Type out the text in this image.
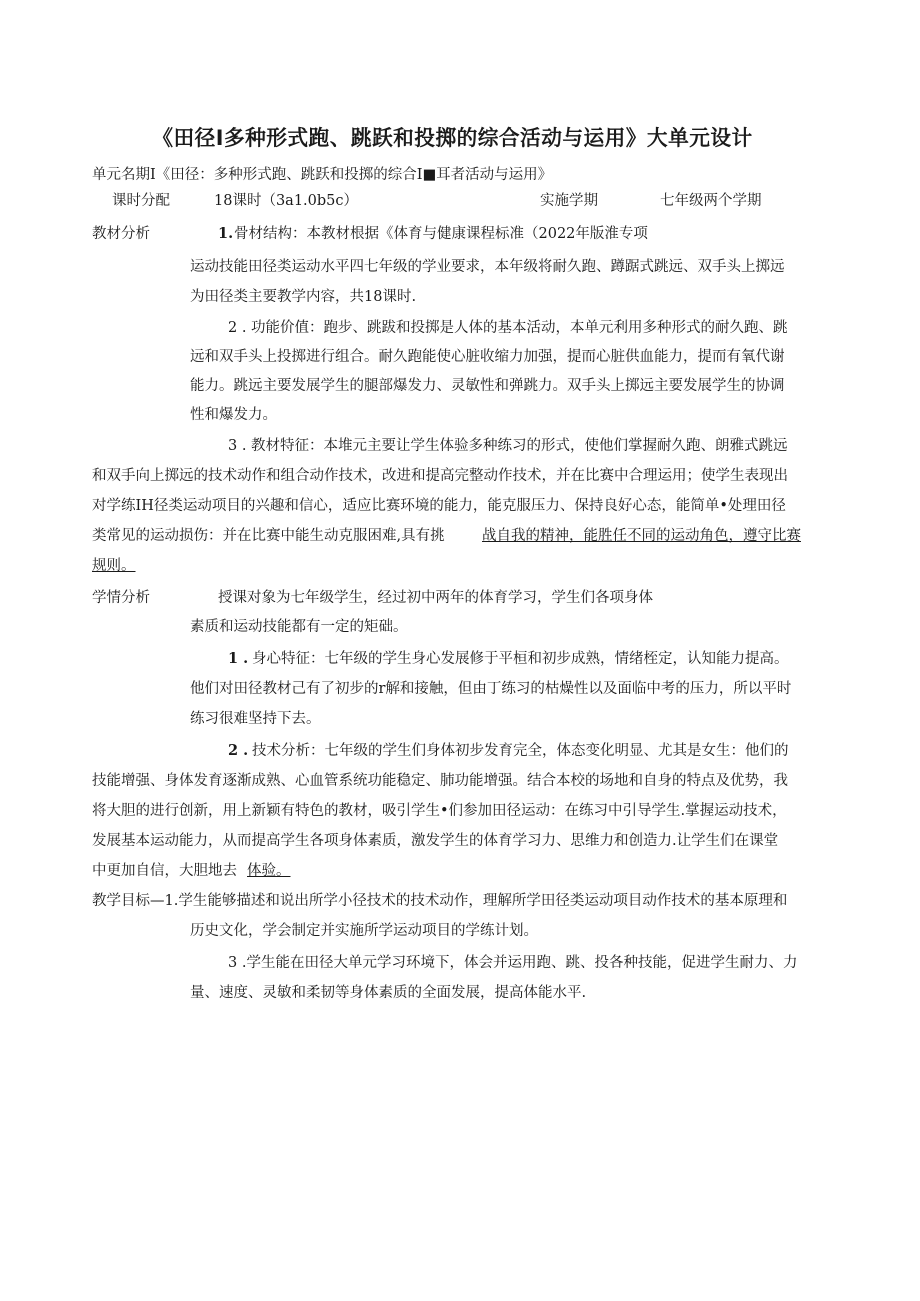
《田径I多种形式跑、跳跃和投掷的综合活动与运用》大单元设计
单元名期I《田径：多种形式跑、跳跃和投掷的综合I■耳者活动与运用》
课时分配	18课时（3a1.0b5c）	实施学期	七年级两个学期
教材分析	1. 骨材结构：本教材根据《体育与健康课程标准（2022年版淮专项
运动技能田径类运动水平四七年级的学业要求，本年级将耐久跑、蹲踞式跳远、双手头上掷远
为田径类主要教学内容，共18课时.
2 . 功能价值：跑步、跳跋和投掷是人体的基本活动，本单元利用多种形式的耐久跑、跳
远和双手头上投掷进行组合。耐久跑能使心脏收缩力加强，提而心脏供血能力，提而有氧代谢
能力。跳远主要发展学生的腿部爆发力、灵敏性和弹跳力。双手头上掷远主要发展学生的协调
性和爆发力。
3 . 教材特征：本堆元主要让学生体验多种练习的形式，使他们掌握耐久跑、朗雅式跳远
和双手向上掷远的技术动作和组合动作技术，改进和提高完整动作技术，并在比赛中合理运用；使学生表现出
对学练IH径类运动项目的兴趣和信心，适应比赛环境的能力，能克服压力、保持良好心态，能简单•处理田径
类常见的运动损伤：并在比赛中能生动克服困难,具有挑	战自我的精神，能胜任不同的运动角色，遵守比赛
规则。
学情分析	授课对象为七年级学生，经过初中两年的体育学习，学生们各项身体
素质和运动技能都有一定的矩础。
1 . 身心特征：七年级的学生身心发展修于平桓和初步成熟，情绪桎定，认知能力提高。
他们对田径教材己有了初步的r解和接触，但由丁练习的枯燥性以及面临中考的压力，所以平时
练习很难坚持下去。
2 . 技术分析：七年级的学生们身体初步发育完全，体态变化明显、尤其是女生：他们的
技能增强、身体发育逐渐成熟、心血管系统功能稳定、肺功能增强。结合本校的场地和自身的特点及优势，我
将大胆的进行创新，用上新颖有特色的教材，吸引学生•们参加田径运动：在练习中引导学生.掌握运动技术，
发展基本运动能力，从而提高学生各项身体素质，激发学生的体育学习力、思维力和创造力.让学生们在课堂
中更加自信，大胆地去 体验。
教学目标—1.学生能够描述和说出所学小径技术的技术动作，理解所学田径类运动项目动作技术的基本原理和
历史文化，学会制定并实施所学运动项目的学练计划。
3 .学生能在田径大单元学习环境下，体会并运用跑、跳、投各种技能，促进学生耐力、力
量、速度、灵敏和柔韧等身体素质的全面发展，提高体能水平.
